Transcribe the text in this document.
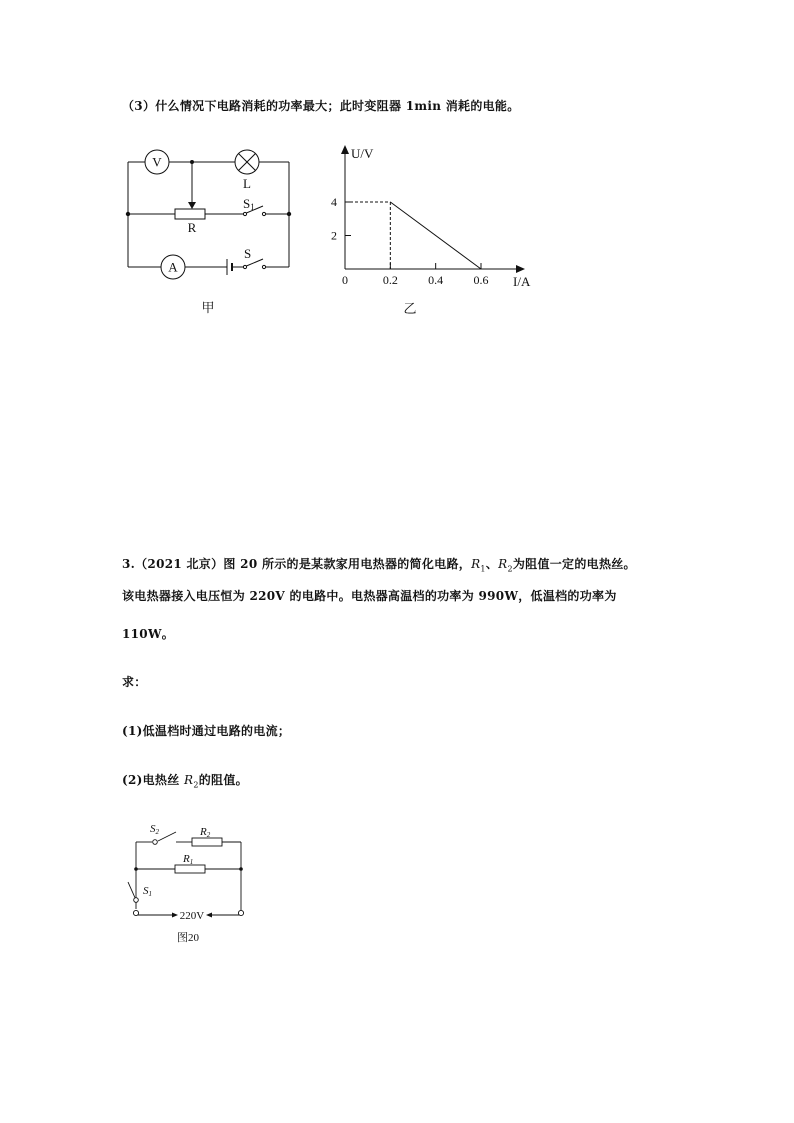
（3）什么情况下电路消耗的功率最大；此时变阻器 1min 消耗的电能。
V
A
L
R
S1
S
甲
2
4
0.2	0.4	0.6
U/V
I/A
0
乙
3.（2021 北京）图 20 所示的是某款家用电热器的简化电路，$R_1$、$R_2$为阻值一定的电热丝。
该电热器接入电压恒为 220V 的电路中。电热器高温档的功率为 990W，低温档的功率为
110W。
求：
(1)低温档时通过电路的电流；
(2)电热丝 $R_2$的阻值。
S2	R2
R1
S1
220V
图20
